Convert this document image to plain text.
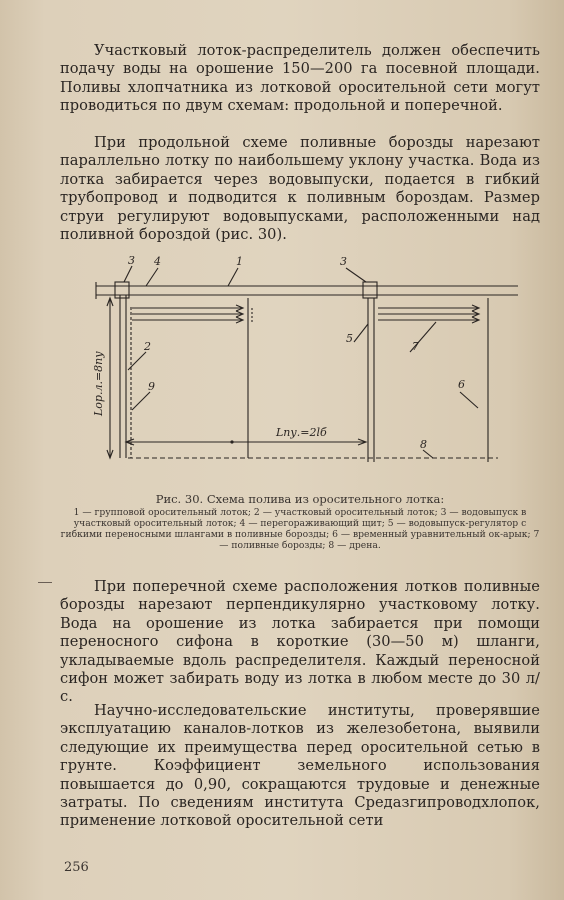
Участковый лоток-распределитель должен обеспечить подачу воды на орошение 150—200 га посевной площади. Поливы хлопчатника из лотковой оросительной сети могут проводиться по двум схемам: продольной и поперечной.

При продольной схеме поливные борозды нарезают параллельно лотку по наибольшему уклону участка. Вода из лотка забирается через водовыпуски, подается в гибкий трубопровод и подводится к поливным бороздам. Размер струи регулируют водовыпусками, расположенными над поливной бороздой (рис. 30).

3 4	1	3
2
9
5
7
6
8
Lпу.=2lб
Lор.л.=8пу

Рис. 30. Схема полива из оросительного лотка:
1 — групповой оросительный лоток; 2 — участковый оросительный лоток; 3 — водовыпуск в участковый оросительный лоток; 4 — перегораживающий щит; 5 — водовыпуск-регулятор с гибкими переносными шлангами в поливные борозды; 6 — временный уравнительный ок-арык; 7 — поливные борозды; 8 — дрена.

При поперечной схеме расположения лотков поливные борозды нарезают перпендикулярно участковому лотку. Вода на орошение из лотка забирается при помощи переносного сифона в короткие (30—50 м) шланги, укладываемые вдоль распределителя. Каждый переносной сифон может забирать воду из лотка в любом месте до 30 л/с.

Научно-исследовательские институты, проверявшие эксплуатацию каналов-лотков из железобетона, выявили следующие их преимущества перед оросительной сетью в грунте. Коэффициент земельного использования повышается до 0,90, сокращаются трудовые и денежные затраты. По сведениям института Средазгипроводхлопок, применение лотковой оросительной сети

256
